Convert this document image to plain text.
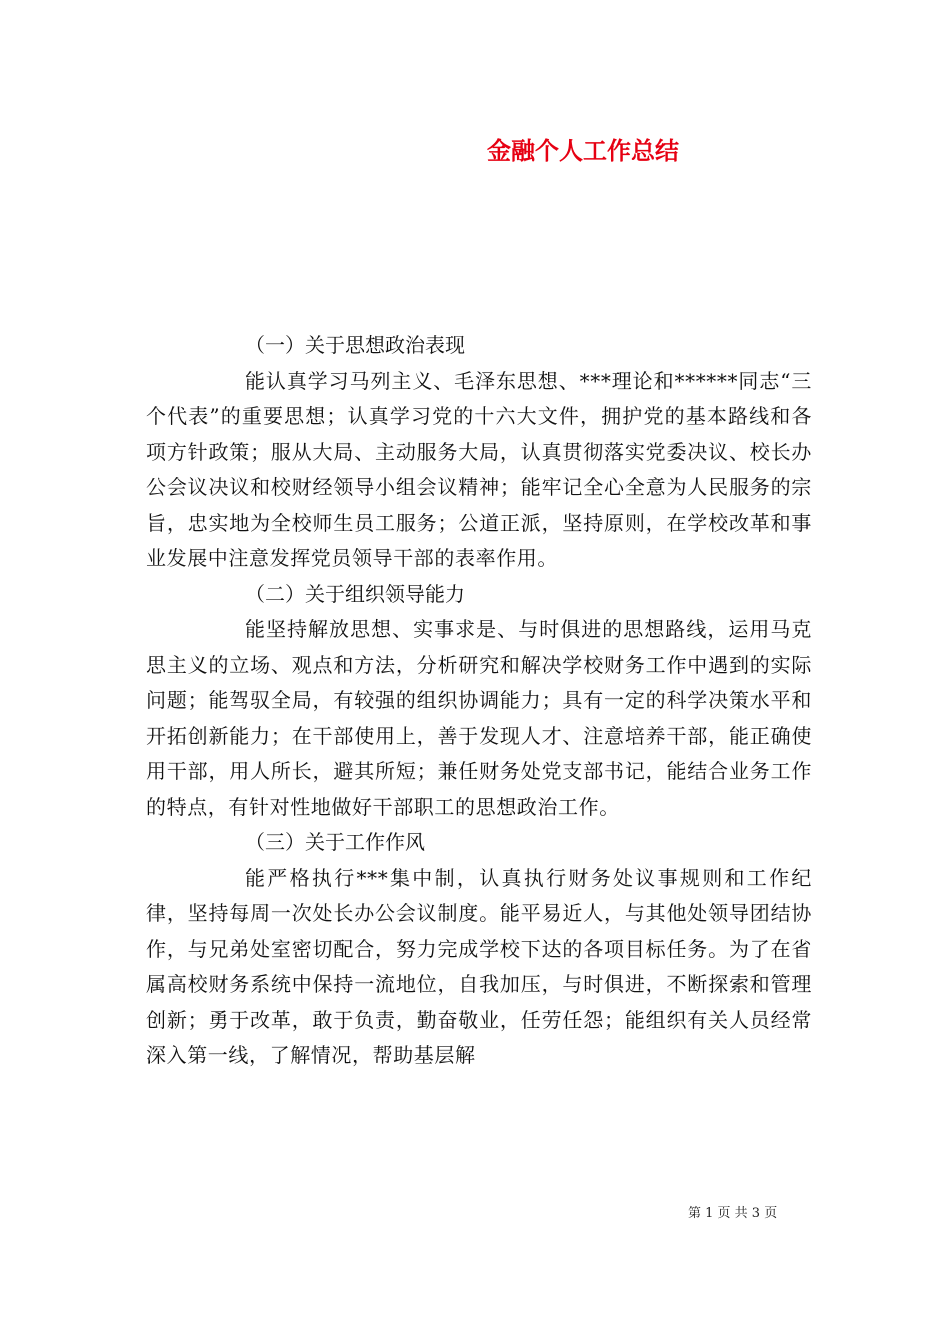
金融个人工作总结

（一）关于思想政治表现

能认真学习马列主义、毛泽东思想、***理论和******同志“三个代表”的重要思想；认真学习党的十六大文件，拥护党的基本路线和各项方针政策；服从大局、主动服务大局，认真贯彻落实党委决议、校长办公会议决议和校财经领导小组会议精神；能牢记全心全意为人民服务的宗旨，忠实地为全校师生员工服务；公道正派，坚持原则，在学校改革和事业发展中注意发挥党员领导干部的表率作用。

（二）关于组织领导能力

能坚持解放思想、实事求是、与时俱进的思想路线，运用马克思主义的立场、观点和方法，分析研究和解决学校财务工作中遇到的实际问题；能驾驭全局，有较强的组织协调能力；具有一定的科学决策水平和开拓创新能力；在干部使用上，善于发现人才、注意培养干部，能正确使用干部，用人所长，避其所短；兼任财务处党支部书记，能结合业务工作的特点，有针对性地做好干部职工的思想政治工作。

（三）关于工作作风

能严格执行***集中制，认真执行财务处议事规则和工作纪律，坚持每周一次处长办公会议制度。能平易近人，与其他处领导团结协作，与兄弟处室密切配合，努力完成学校下达的各项目标任务。为了在省属高校财务系统中保持一流地位，自我加压，与时俱进，不断探索和管理创新；勇于改革，敢于负责，勤奋敬业，任劳任怨；能组织有关人员经常深入第一线，了解情况，帮助基层解

第 1 页 共 3 页
